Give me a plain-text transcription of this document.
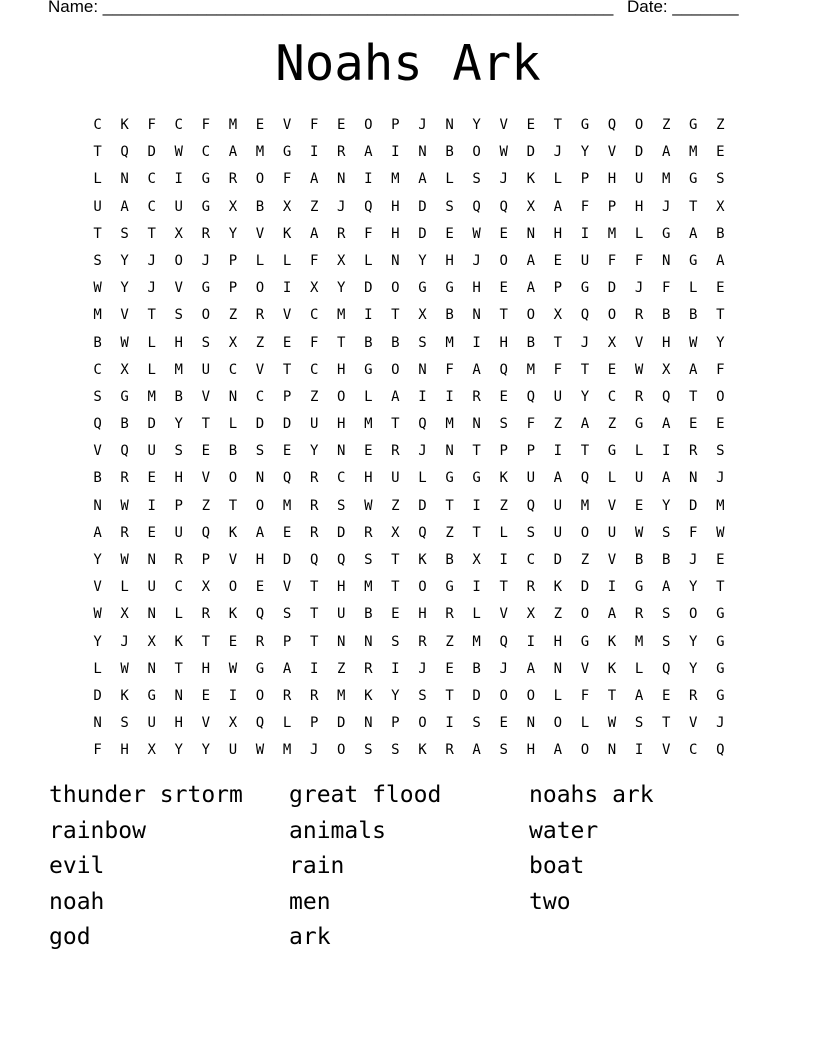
Name: ______________________________________________________ Date: _______
Noahs Ark
C	K	F	C	F	M	E	V	F	E	O	P	J	N	Y	V	E	T	G	Q	O	Z	G	Z
T	Q	D	W	C	A	M	G	I	R	A	I	N	B	O	W	D	J	Y	V	D	A	M	E
L	N	C	I	G	R	O	F	A	N	I	M	A	L	S	J	K	L	P	H	U	M	G	S
U	A	C	U	G	X	B	X	Z	J	Q	H	D	S	Q	Q	X	A	F	P	H	J	T	X
T	S	T	X	R	Y	V	K	A	R	F	H	D	E	W	E	N	H	I	M	L	G	A	B
S	Y	J	O	J	P	L	L	F	X	L	N	Y	H	J	O	A	E	U	F	F	N	G	A
W	Y	J	V	G	P	O	I	X	Y	D	O	G	G	H	E	A	P	G	D	J	F	L	E
M	V	T	S	O	Z	R	V	C	M	I	T	X	B	N	T	O	X	Q	O	R	B	B	T
B	W	L	H	S	X	Z	E	F	T	B	B	S	M	I	H	B	T	J	X	V	H	W	Y
C	X	L	M	U	C	V	T	C	H	G	O	N	F	A	Q	M	F	T	E	W	X	A	F
S	G	M	B	V	N	C	P	Z	O	L	A	I	I	R	E	Q	U	Y	C	R	Q	T	O
Q	B	D	Y	T	L	D	D	U	H	M	T	Q	M	N	S	F	Z	A	Z	G	A	E	E
V	Q	U	S	E	B	S	E	Y	N	E	R	J	N	T	P	P	I	T	G	L	I	R	S
B	R	E	H	V	O	N	Q	R	C	H	U	L	G	G	K	U	A	Q	L	U	A	N	J
N	W	I	P	Z	T	O	M	R	S	W	Z	D	T	I	Z	Q	U	M	V	E	Y	D	M
A	R	E	U	Q	K	A	E	R	D	R	X	Q	Z	T	L	S	U	O	U	W	S	F	W
Y	W	N	R	P	V	H	D	Q	Q	S	T	K	B	X	I	C	D	Z	V	B	B	J	E
V	L	U	C	X	O	E	V	T	H	M	T	O	G	I	T	R	K	D	I	G	A	Y	T
W	X	N	L	R	K	Q	S	T	U	B	E	H	R	L	V	X	Z	O	A	R	S	O	G
Y	J	X	K	T	E	R	P	T	N	N	S	R	Z	M	Q	I	H	G	K	M	S	Y	G
L	W	N	T	H	W	G	A	I	Z	R	I	J	E	B	J	A	N	V	K	L	Q	Y	G
D	K	G	N	E	I	O	R	R	M	K	Y	S	T	D	O	O	L	F	T	A	E	R	G
N	S	U	H	V	X	Q	L	P	D	N	P	O	I	S	E	N	O	L	W	S	T	V	J
F	H	X	Y	Y	U	W	M	J	O	S	S	K	R	A	S	H	A	O	N	I	V	C	Q
thunder srtorm	great flood	noahs ark
rainbow	animals	water
evil	rain	boat
noah	men	two
god	ark
